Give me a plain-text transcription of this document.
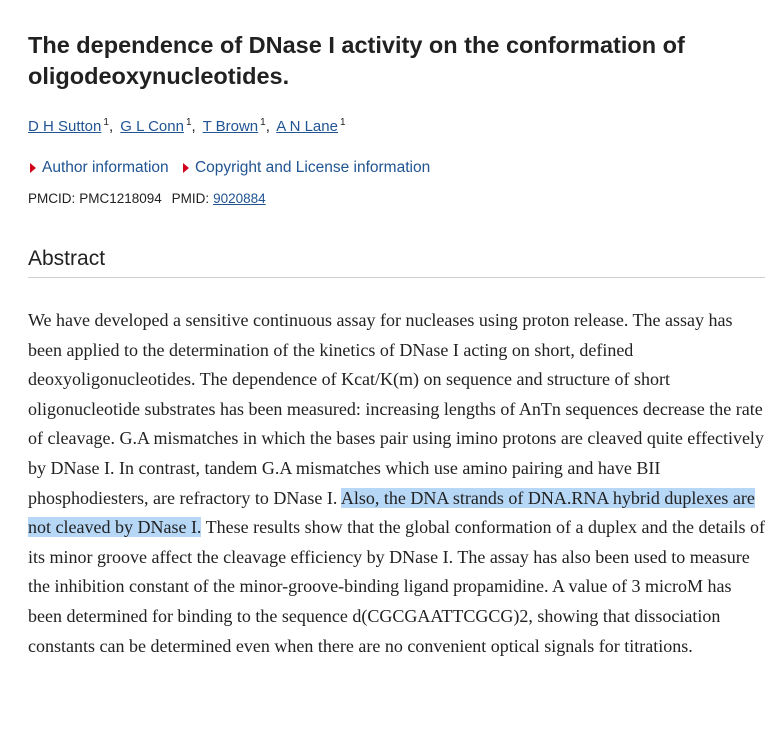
The dependence of DNase I activity on the conformation of oligodeoxynucleotides.
D H Sutton $^1$, G L Conn $^1$, T Brown $^1$, A N Lane $^1$
Author information
Copyright and License information
PMCID: PMC1218094 PMID: 9020884
Abstract

We have developed a sensitive continuous assay for nucleases using proton release. The assay has been applied to the determination of the kinetics of DNase I acting on short, defined deoxyoligonucleotides. The dependence of Kcat/K(m) on sequence and structure of short oligonucleotide substrates has been measured: increasing lengths of AnTn sequences decrease the rate of cleavage. G.A mismatches in which the bases pair using imino protons are cleaved quite effectively by DNase I. In contrast, tandem G.A mismatches which use amino pairing and have BII phosphodiesters, are refractory to DNase I. Also, the DNA strands of DNA.RNA hybrid duplexes are not cleaved by DNase I. These results show that the global conformation of a duplex and the details of its minor groove affect the cleavage efficiency by DNase I. The assay has also been used to measure the inhibition constant of the minor-groove-binding ligand propamidine. A value of 3 microM has been determined for binding to the sequence d(CGCGAATTCGCG)2, showing that dissociation constants can be determined even when there are no convenient optical signals for titrations.
